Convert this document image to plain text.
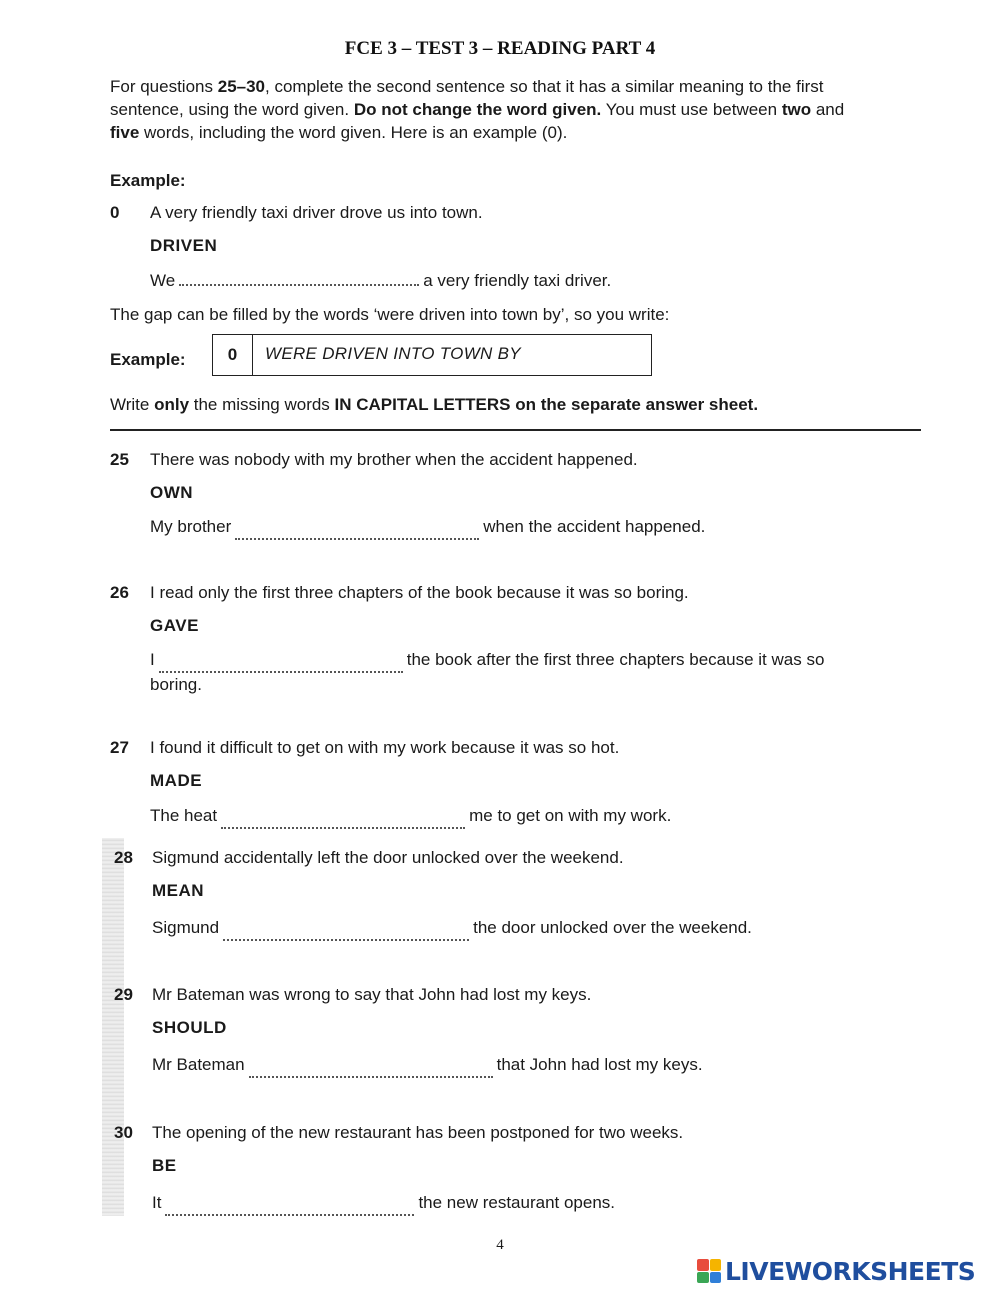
FCE 3 – TEST 3 – READING PART 4
For questions 25–30, complete the second sentence so that it has a similar meaning to the first
sentence, using the word given. Do not change the word given. You must use between two and
five words, including the word given. Here is an example (0).
Example:
0 A very friendly taxi driver drove us into town.
DRIVEN
We	a very friendly taxi driver.
The gap can be filled by the words ‘were driven into town by’, so you write:
Example:	0	WERE DRIVEN INTO TOWN BY
Write only the missing words IN CAPITAL LETTERS on the separate answer sheet.
25 There was nobody with my brother when the accident happened.
OWN
My brother	when the accident happened.
26 I read only the first three chapters of the book because it was so boring.
GAVE
I	the book after the first three chapters because it was so
boring.
27 I found it difficult to get on with my work because it was so hot.
MADE
The heat	me to get on with my work.
28 Sigmund accidentally left the door unlocked over the weekend.
MEAN
Sigmund	the door unlocked over the weekend.
29 Mr Bateman was wrong to say that John had lost my keys.
SHOULD
Mr Bateman	that John had lost my keys.
30 The opening of the new restaurant has been postponed for two weeks.
BE
It	the new restaurant opens.
4
LIVEWORKSHEETS
